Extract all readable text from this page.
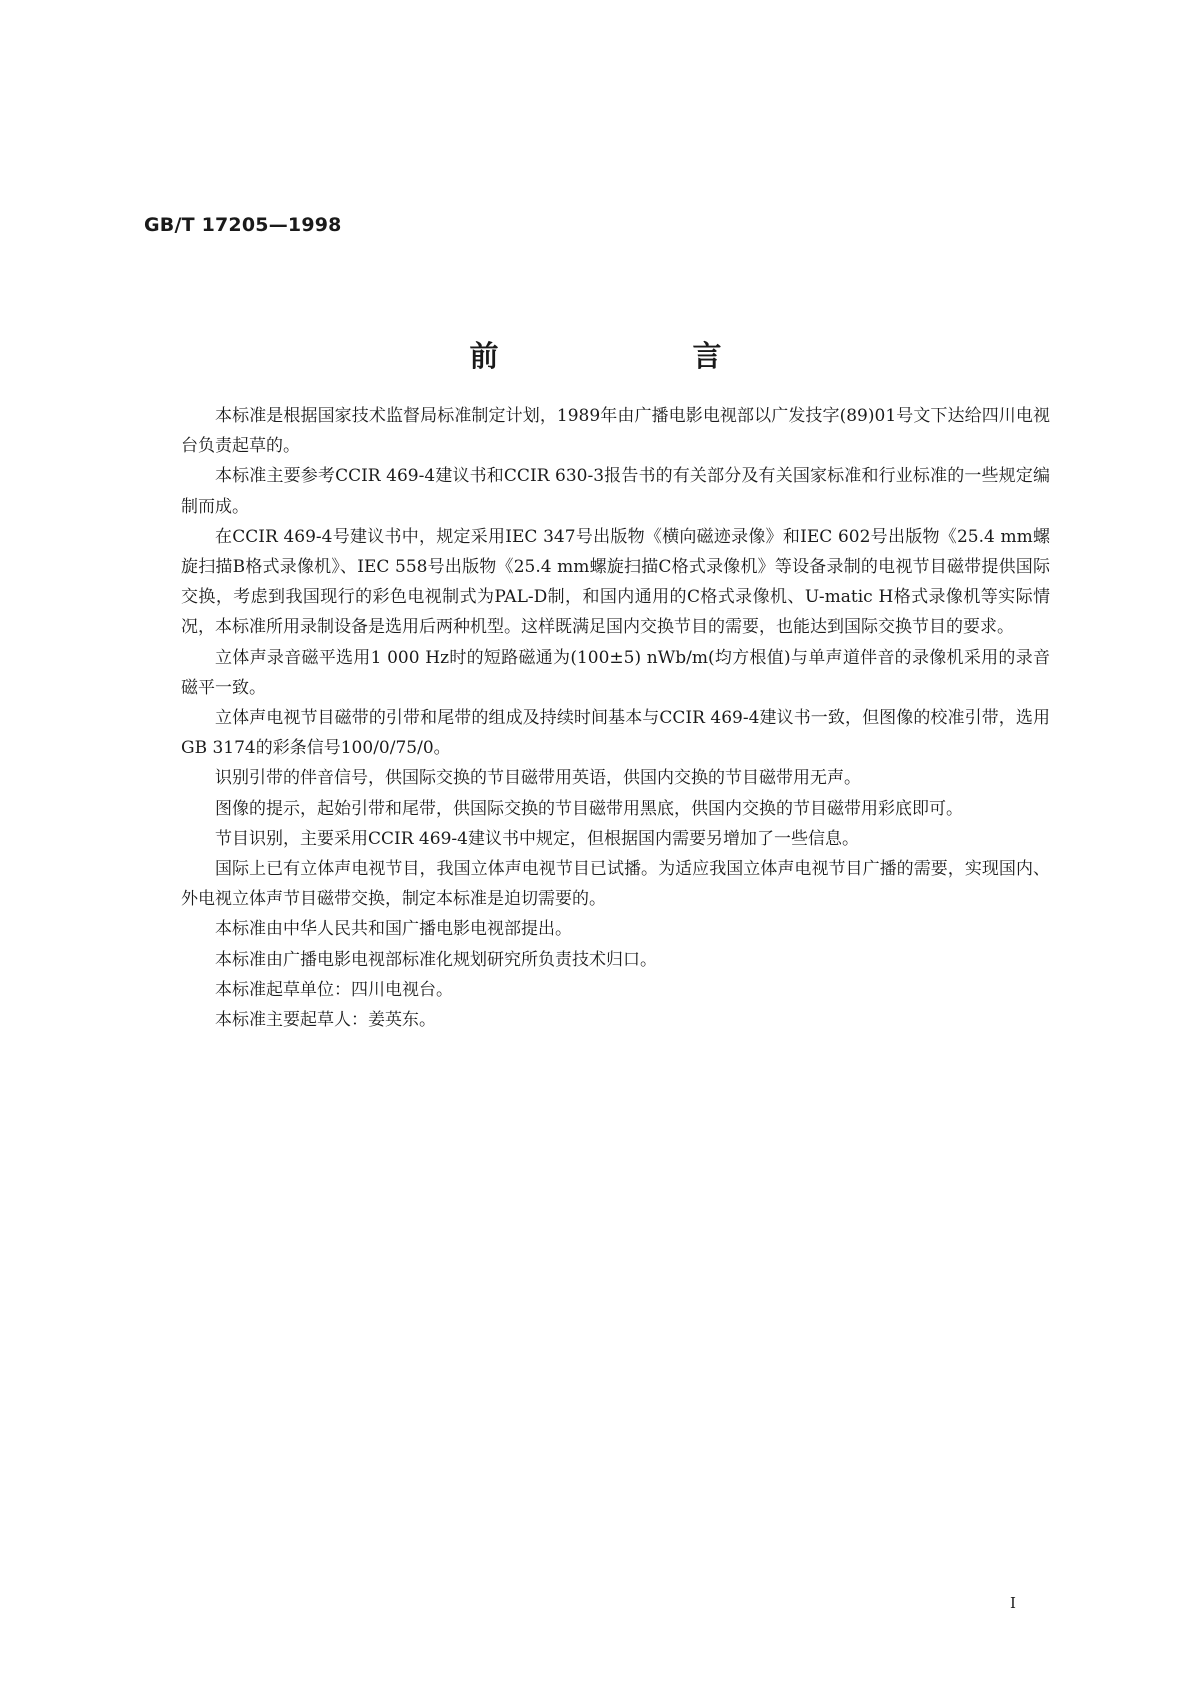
GB/T 17205—1998
前 言

本标准是根据国家技术监督局标准制定计划，1989年由广播电影电视部以广发技字(89)01号文下达给四川电视台负责起草的。

本标准主要参考CCIR 469-4建议书和CCIR 630-3报告书的有关部分及有关国家标准和行业标准的一些规定编制而成。

在CCIR 469-4号建议书中，规定采用IEC 347号出版物《横向磁迹录像》和IEC 602号出版物《25.4 mm螺旋扫描B格式录像机》、IEC 558号出版物《25.4 mm螺旋扫描C格式录像机》等设备录制的电视节目磁带提供国际交换，考虑到我国现行的彩色电视制式为PAL-D制，和国内通用的C格式录像机、U-matic H格式录像机等实际情况，本标准所用录制设备是选用后两种机型。这样既满足国内交换节目的需要，也能达到国际交换节目的要求。

立体声录音磁平选用1 000 Hz时的短路磁通为(100±5) nWb/m(均方根值)与单声道伴音的录像机采用的录音磁平一致。

立体声电视节目磁带的引带和尾带的组成及持续时间基本与CCIR 469-4建议书一致，但图像的校准引带，选用GB 3174的彩条信号100/0/75/0。

识别引带的伴音信号，供国际交换的节目磁带用英语，供国内交换的节目磁带用无声。

图像的提示，起始引带和尾带，供国际交换的节目磁带用黑底，供国内交换的节目磁带用彩底即可。

节目识别，主要采用CCIR 469-4建议书中规定，但根据国内需要另增加了一些信息。

国际上已有立体声电视节目，我国立体声电视节目已试播。为适应我国立体声电视节目广播的需要，实现国内、外电视立体声节目磁带交换，制定本标准是迫切需要的。

本标准由中华人民共和国广播电影电视部提出。

本标准由广播电影电视部标准化规划研究所负责技术归口。

本标准起草单位：四川电视台。

本标准主要起草人：姜英东。

I
